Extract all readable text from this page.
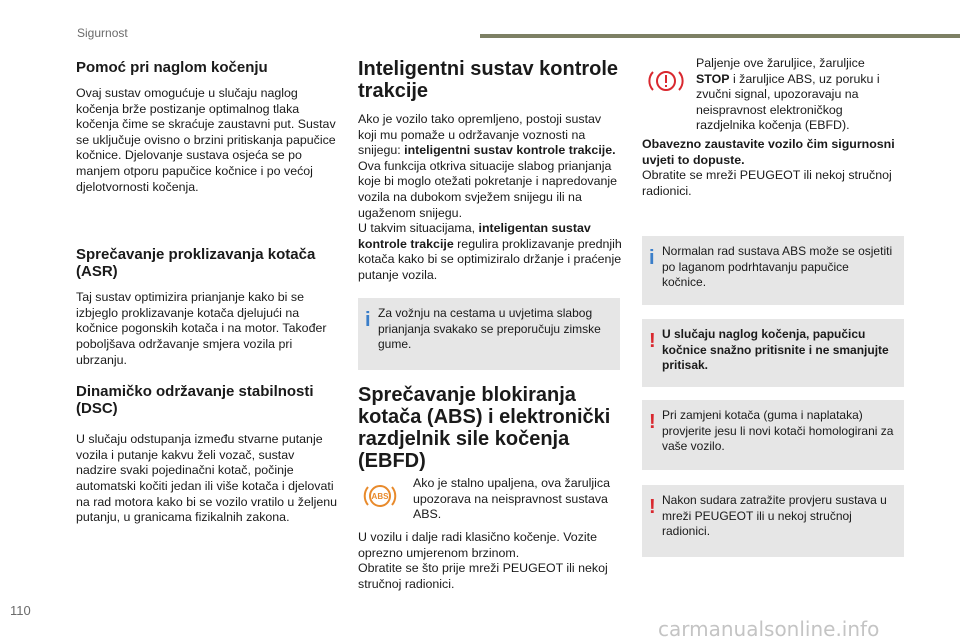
Sigurnost
Pomoć pri naglom kočenju

Ovaj sustav omogućuje u slučaju naglog kočenja brže postizanje optimalnog tlaka kočenja čime se skraćuje zaustavni put. Sustav se uključuje ovisno o brzini pritiskanja papučice kočnice. Djelovanje sustava osjeća se po manjem otporu papučice kočnice i po većoj djelotvornosti kočenja.

Sprečavanje proklizavanja kotača (ASR)

Taj sustav optimizira prianjanje kako bi se izbjeglo proklizavanje kotača djelujući na kočnice pogonskih kotača i na motor. Također poboljšava održavanje smjera vozila pri ubrzanju.

Dinamičko održavanje stabilnosti (DSC)

U slučaju odstupanja između stvarne putanje vozila i putanje kakvu želi vozač, sustav nadzire svaki pojedinačni kotač, počinje automatski kočiti jedan ili više kotača i djelovati na rad motora kako bi se vozilo vratilo u željenu putanju, u granicama fizikalnih zakona.

Inteligentni sustav kontrole trakcije

Ako je vozilo tako opremljeno, postoji sustav koji mu pomaže u održavanje voznosti na snijegu: inteligentni sustav kontrole trakcije. Ova funkcija otkriva situacije slabog prianjanja koje bi moglo otežati pokretanje i napredovanje vozila na dubokom svježem snijegu ili na ugaženom snijegu.
U takvim situacijama, inteligentan sustav kontrole trakcije regulira proklizavanje prednjih kotača kako bi se optimiziralo držanje i praćenje putanje vozila.

i Za vožnju na cestama u uvjetima slabog prianjanja svakako se preporučuju zimske gume.
Sprečavanje blokiranja kotača (ABS) i elektronički razdjelnik sile kočenja (EBFD)
ABS
Ako je stalno upaljena, ova žaruljica upozorava na neispravnost sustava ABS.

U vozilu i dalje radi klasično kočenje. Vozite oprezno umjerenom brzinom.

Obratite se što prije mreži PEUGEOT ili nekoj stručnoj radionici.

Paljenje ove žaruljice, žaruljice STOP i žaruljice ABS, uz poruku i zvučni signal, upozoravaju na neispravnost elektroničkog razdjelnika kočenja (EBFD).
Obavezno zaustavite vozilo čim sigurnosni uvjeti to dopuste.

Obratite se mreži PEUGEOT ili nekoj stručnoj radionici.

i Normalan rad sustava ABS može se osjetiti po laganom podrhtavanju papučice kočnice.
! U slučaju naglog kočenja, papučicu kočnice snažno pritisnite i ne smanjujte pritisak.
! Pri zamjeni kotača (guma i naplataka) provjerite jesu li novi kotači homologirani za vaše vozilo.
! Nakon sudara zatražite provjeru sustava u mreži PEUGEOT ili u nekoj stručnoj radionici.
110
carmanualsonline.info
